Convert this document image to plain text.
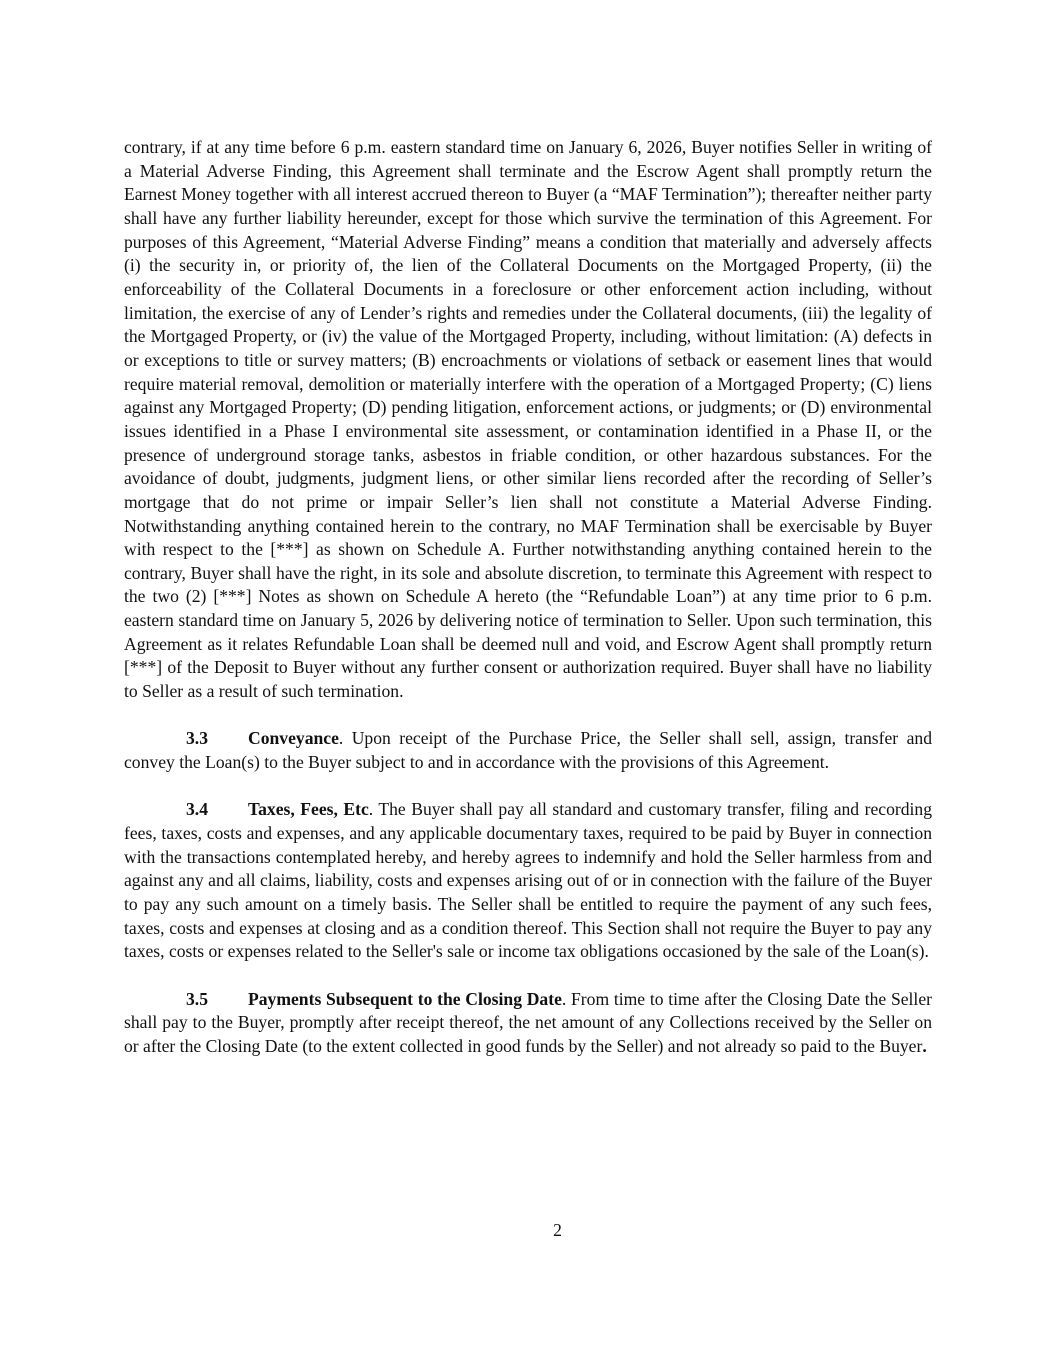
contrary, if at any time before 6 p.m. eastern standard time on January 6, 2026, Buyer notifies Seller in writing of a Material Adverse Finding, this Agreement shall terminate and the Escrow Agent shall promptly return the Earnest Money together with all interest accrued thereon to Buyer (a “MAF Termination”); thereafter neither party shall have any further liability hereunder, except for those which survive the termination of this Agreement. For purposes of this Agreement, “Material Adverse Finding” means a condition that materially and adversely affects (i) the security in, or priority of, the lien of the Collateral Documents on the Mortgaged Property, (ii) the enforceability of the Collateral Documents in a foreclosure or other enforcement action including, without limitation, the exercise of any of Lender’s rights and remedies under the Collateral documents, (iii) the legality of the Mortgaged Property, or (iv) the value of the Mortgaged Property, including, without limitation: (A) defects in or exceptions to title or survey matters; (B) encroachments or violations of setback or easement lines that would require material removal, demolition or materially interfere with the operation of a Mortgaged Property; (C) liens against any Mortgaged Property; (D) pending litigation, enforcement actions, or judgments; or (D) environmental issues identified in a Phase I environmental site assessment, or contamination identified in a Phase II, or the presence of underground storage tanks, asbestos in friable condition, or other hazardous substances. For the avoidance of doubt, judgments, judgment liens, or other similar liens recorded after the recording of Seller’s mortgage that do not prime or impair Seller’s lien shall not constitute a Material Adverse Finding. Notwithstanding anything contained herein to the contrary, no MAF Termination shall be exercisable by Buyer with respect to the [***] as shown on Schedule A. Further notwithstanding anything contained herein to the contrary, Buyer shall have the right, in its sole and absolute discretion, to terminate this Agreement with respect to the two (2) [***] Notes as shown on Schedule A hereto (the “Refundable Loan”) at any time prior to 6 p.m. eastern standard time on January 5, 2026 by delivering notice of termination to Seller. Upon such termination, this Agreement as it relates Refundable Loan shall be deemed null and void, and Escrow Agent shall promptly return [***] of the Deposit to Buyer without any further consent or authorization required. Buyer shall have no liability to Seller as a result of such termination.

3.3 Conveyance. Upon receipt of the Purchase Price, the Seller shall sell, assign, transfer and convey the Loan(s) to the Buyer subject to and in accordance with the provisions of this Agreement.

3.4 Taxes, Fees, Etc. The Buyer shall pay all standard and customary transfer, filing and recording fees, taxes, costs and expenses, and any applicable documentary taxes, required to be paid by Buyer in connection with the transactions contemplated hereby, and hereby agrees to indemnify and hold the Seller harmless from and against any and all claims, liability, costs and expenses arising out of or in connection with the failure of the Buyer to pay any such amount on a timely basis. The Seller shall be entitled to require the payment of any such fees, taxes, costs and expenses at closing and as a condition thereof. This Section shall not require the Buyer to pay any taxes, costs or expenses related to the Seller's sale or income tax obligations occasioned by the sale of the Loan(s).

3.5 Payments Subsequent to the Closing Date. From time to time after the Closing Date the Seller shall pay to the Buyer, promptly after receipt thereof, the net amount of any Collections received by the Seller on or after the Closing Date (to the extent collected in good funds by the Seller) and not already so paid to the Buyer.

2
